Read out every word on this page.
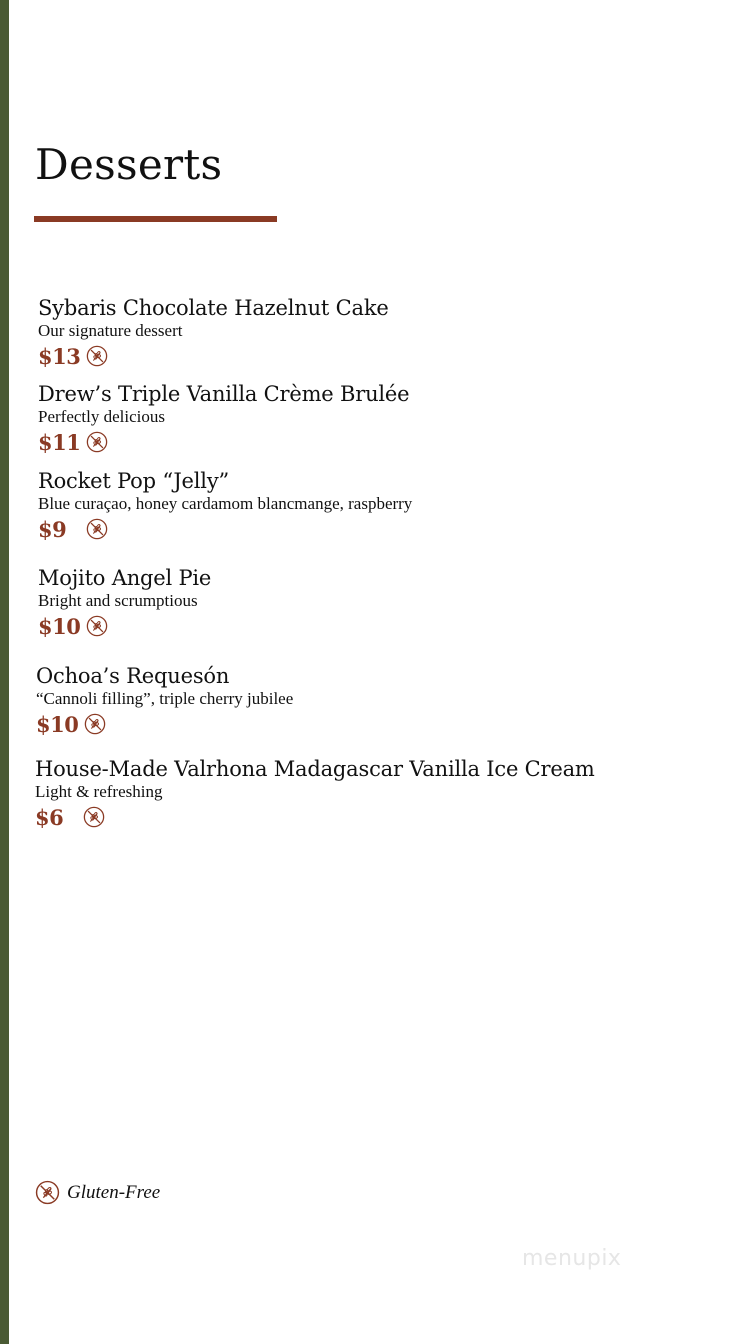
Desserts
Sybaris Chocolate Hazelnut Cake
Our signature dessert
$13
Drew’s Triple Vanilla Crème Brulée
Perfectly delicious
$11
Rocket Pop “Jelly”
Blue curaçao, honey cardamom blancmange, raspberry
$9
Mojito Angel Pie
Bright and scrumptious
$10
Ochoa’s Requesón
“Cannoli filling”, triple cherry jubilee
$10
House-Made Valrhona Madagascar Vanilla Ice Cream
Light & refreshing
$6
Gluten-Free
menupix
